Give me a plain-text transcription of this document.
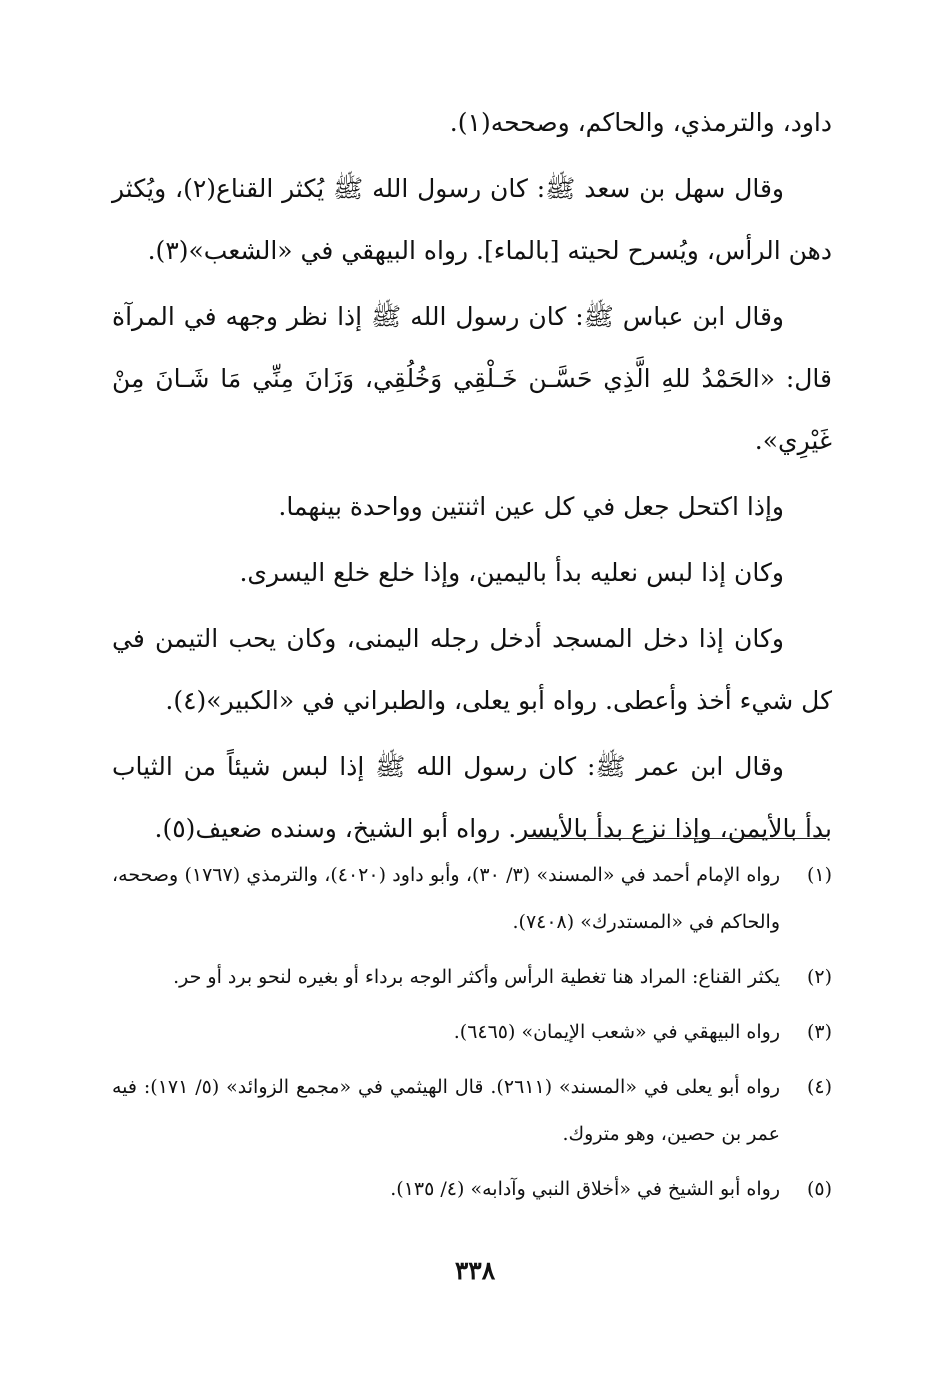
داود، والترمذي، والحاكم، وصححه(١).

وقال سهل بن سعد ﷺ: كان رسول الله ﷺ يُكثر القناع(٢)، ويُكثر دهن الرأس، ويُسرح لحيته [بالماء]. رواه البيهقي في «الشعب»(٣).

وقال ابن عباس ﷺ: كان رسول الله ﷺ إذا نظر وجهه في المرآة قال: «الحَمْدُ للهِ الَّذِي حَسَّـن خَـلْقِي وَخُلُقِي، وَزَانَ مِنِّي مَا شَـانَ مِنْ غَيْرِي».

وإذا اكتحل جعل في كل عين اثنتين وواحدة بينهما.

وكان إذا لبس نعليه بدأ باليمين، وإذا خلع خلع اليسرى.

وكان إذا دخل المسجد أدخل رجله اليمنى، وكان يحب التيمن في كل شيء أخذ وأعطى. رواه أبو يعلى، والطبراني في «الكبير»(٤).

وقال ابن عمر ﷺ: كان رسول الله ﷺ إذا لبس شيئاً من الثياب بدأ بالأيمن، وإذا نزع بدأ بالأيسر. رواه أبو الشيخ، وسنده ضعيف(٥).

(١)
رواه الإمام أحمد في «المسند» (٣/ ٣٠)، وأبو داود (٤٠٢٠)، والترمذي (١٧٦٧) وصححه، والحاكم في «المستدرك» (٧٤٠٨).
(٢)
يكثر القناع: المراد هنا تغطية الرأس وأكثر الوجه برداء أو بغيره لنحو برد أو حر.
(٣)
رواه البيهقي في «شعب الإيمان» (٦٤٦٥).
(٤)
رواه أبو يعلى في «المسند» (٢٦١١). قال الهيثمي في «مجمع الزوائد» (٥/ ١٧١): فيه عمر بن حصين، وهو متروك.
(٥)
رواه أبو الشيخ في «أخلاق النبي وآدابه» (٤/ ١٣٥).
٣٣٨
